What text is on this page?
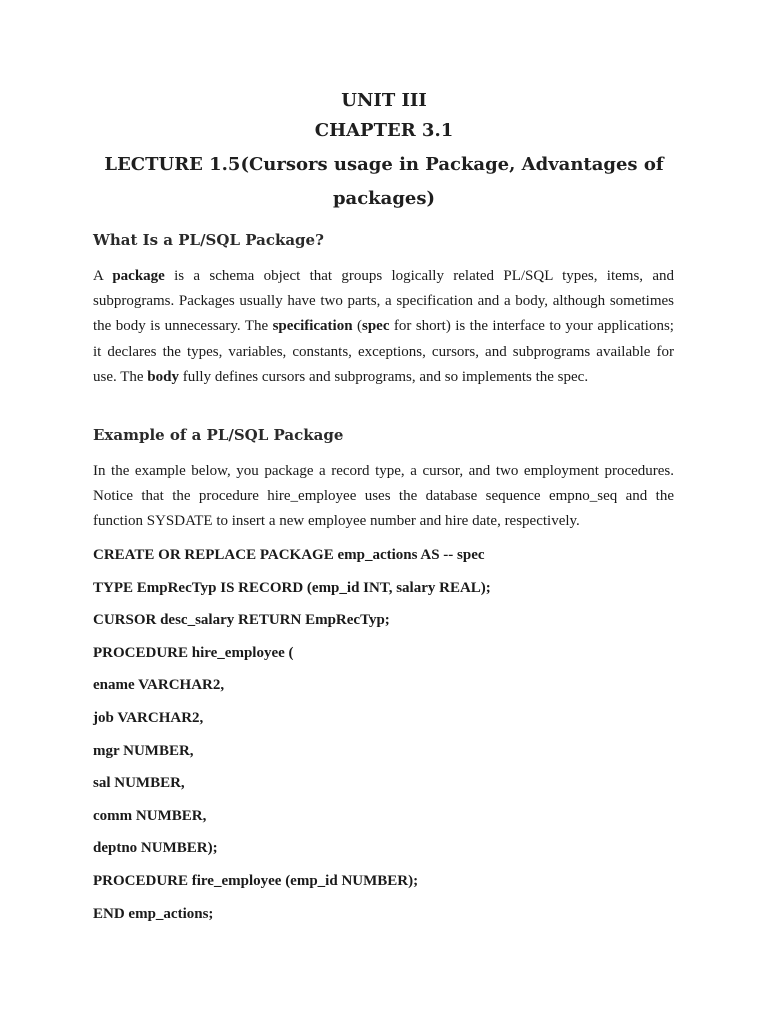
UNIT III
CHAPTER 3.1
LECTURE 1.5(Cursors usage in Package, Advantages of packages)
What Is a PL/SQL Package?
A package is a schema object that groups logically related PL/SQL types, items, and subprograms. Packages usually have two parts, a specification and a body, although sometimes the body is unnecessary. The specification (spec for short) is the interface to your applications; it declares the types, variables, constants, exceptions, cursors, and subprograms available for use. The body fully defines cursors and subprograms, and so implements the spec.
Example of a PL/SQL Package
In the example below, you package a record type, a cursor, and two employment procedures. Notice that the procedure hire_employee uses the database sequence empno_seq and the function SYSDATE to insert a new employee number and hire date, respectively.
CREATE OR REPLACE PACKAGE emp_actions AS -- spec
TYPE EmpRecTyp IS RECORD (emp_id INT, salary REAL);
CURSOR desc_salary RETURN EmpRecTyp;
PROCEDURE hire_employee (
ename VARCHAR2,
job VARCHAR2,
mgr NUMBER,
sal NUMBER,
comm NUMBER,
deptno NUMBER);
PROCEDURE fire_employee (emp_id NUMBER);
END emp_actions;
